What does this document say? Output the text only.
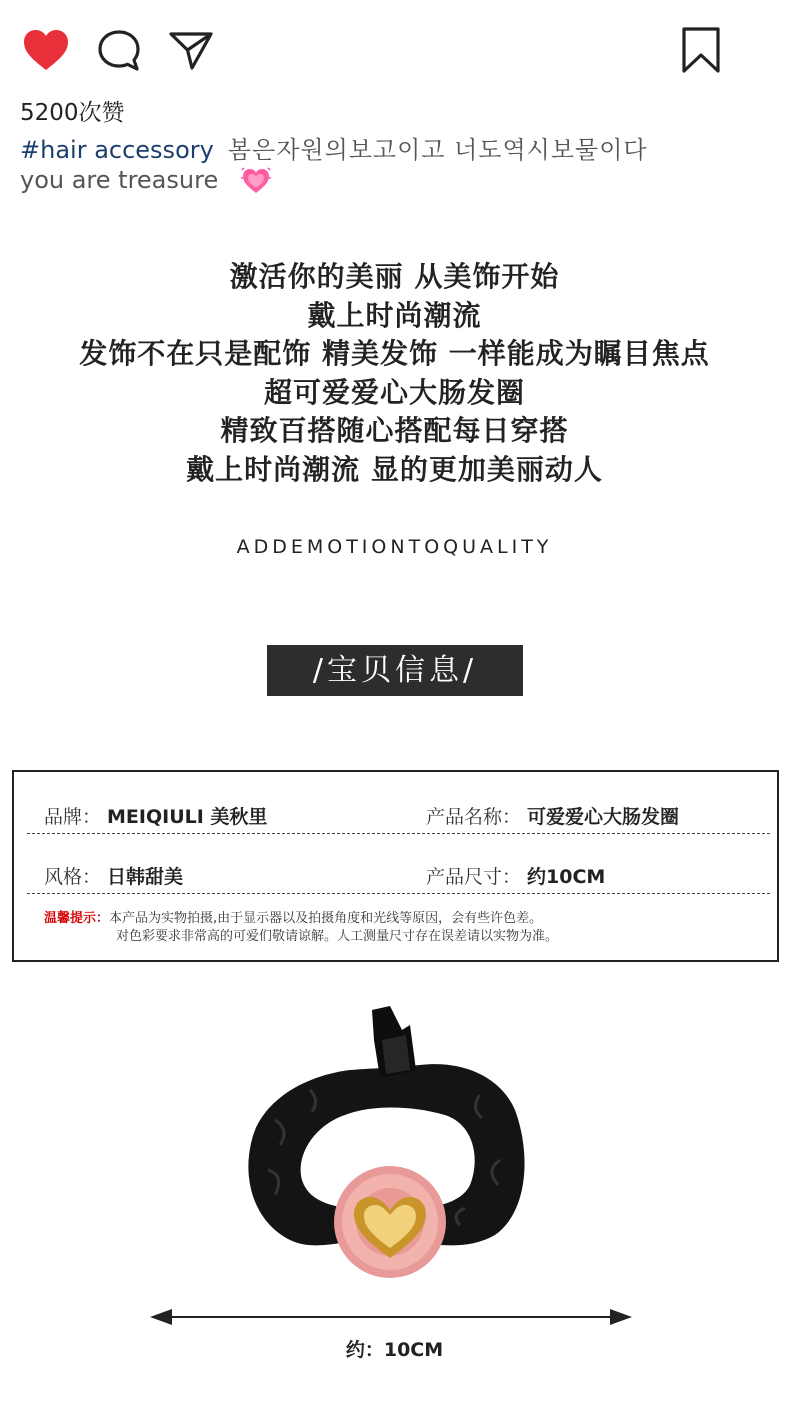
5200次赞
#hair accessory 봄은자원의보고이고 너도역시보물이다
you are treasure
激活你的美丽 从美饰开始
戴上时尚潮流
发饰不在只是配饰 精美发饰 一样能成为瞩目焦点
超可爱爱心大肠发圈
精致百搭随心搭配每日穿搭
戴上时尚潮流 显的更加美丽动人
ADDEMOTIONTOQUALITY
/宝贝信息/
品牌： MEIQIULI 美秋里	产品名称： 可爱爱心大肠发圈
风格： 日韩甜美	产品尺寸： 约10CM
温馨提示：本产品为实物拍摄,由于显示器以及拍摄角度和光线等原因，会有些许色差。
对色彩要求非常高的可爱们敬请谅解。人工测量尺寸存在误差请以实物为准。
约：10CM
